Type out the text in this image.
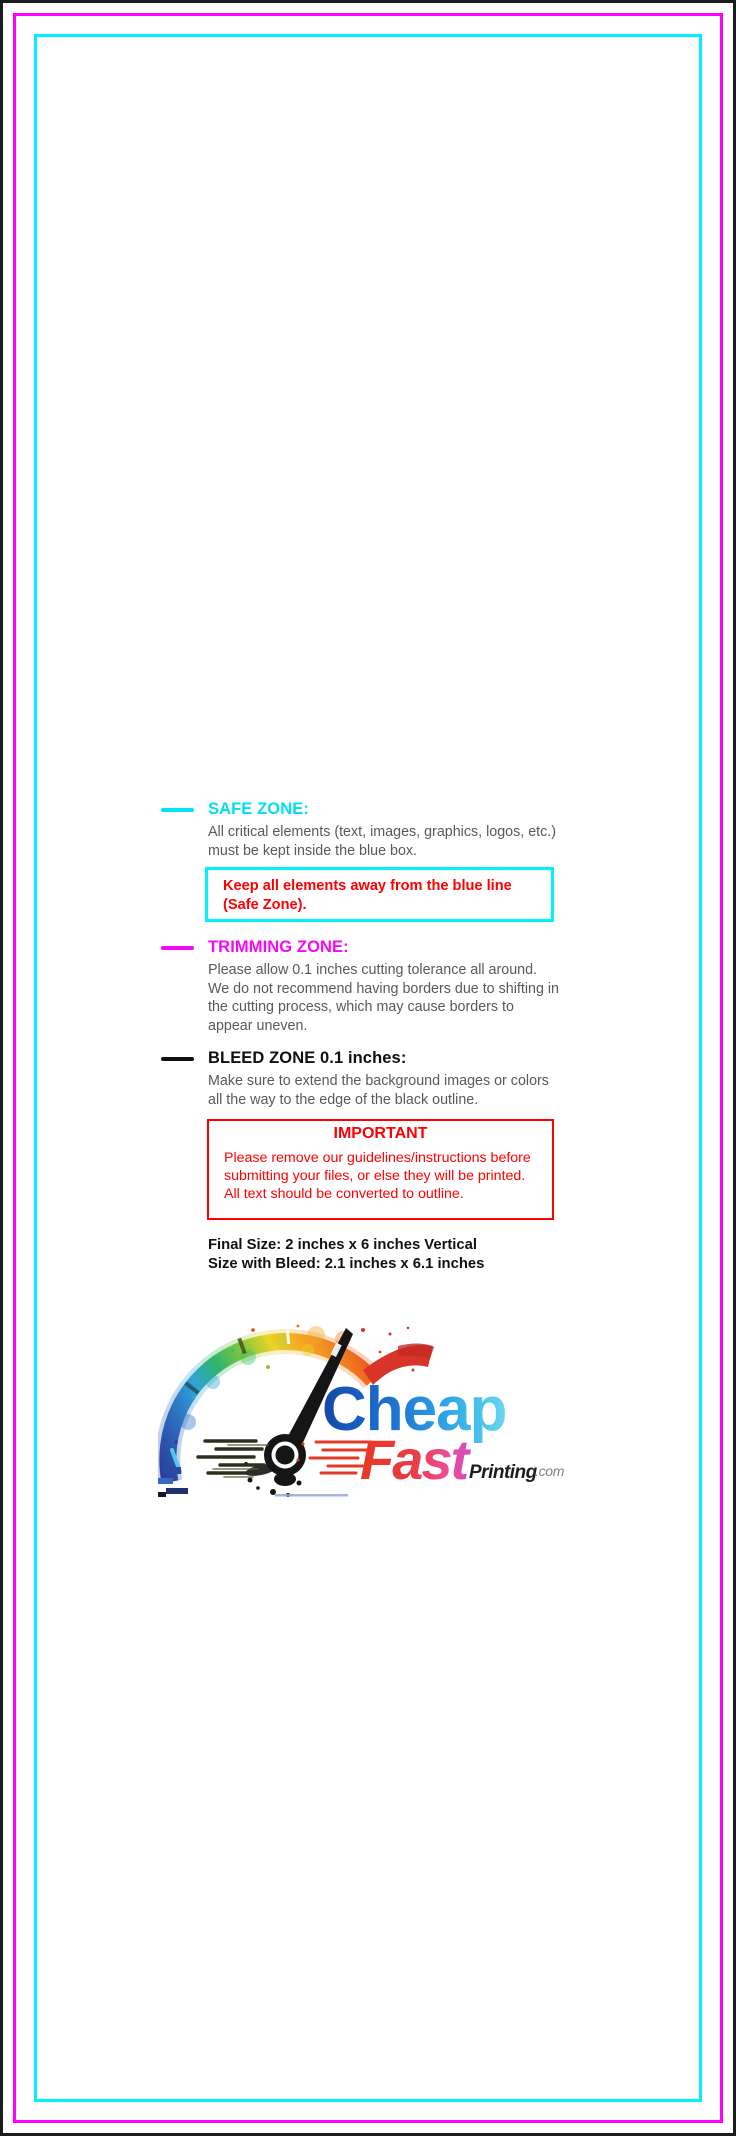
SAFE ZONE:
All critical elements (text, images, graphics, logos, etc.)
must be kept inside the blue box.
Keep all elements away from the blue line
(Safe Zone).
TRIMMING ZONE:
Please allow 0.1 inches cutting tolerance all around.
We do not recommend having borders due to shifting in
the cutting process, which may cause borders to
appear uneven.
BLEED ZONE 0.1 inches:
Make sure to extend the background images or colors
all the way to the edge of the black outline.
IMPORTANT
Please remove our guidelines/instructions before
submitting your files, or else they will be printed.
All text should be converted to outline.
Final Size: 2 inches x 6 inches Vertical
Size with Bleed: 2.1 inches x 6.1 inches
Cheap
Fast Printing
.com
